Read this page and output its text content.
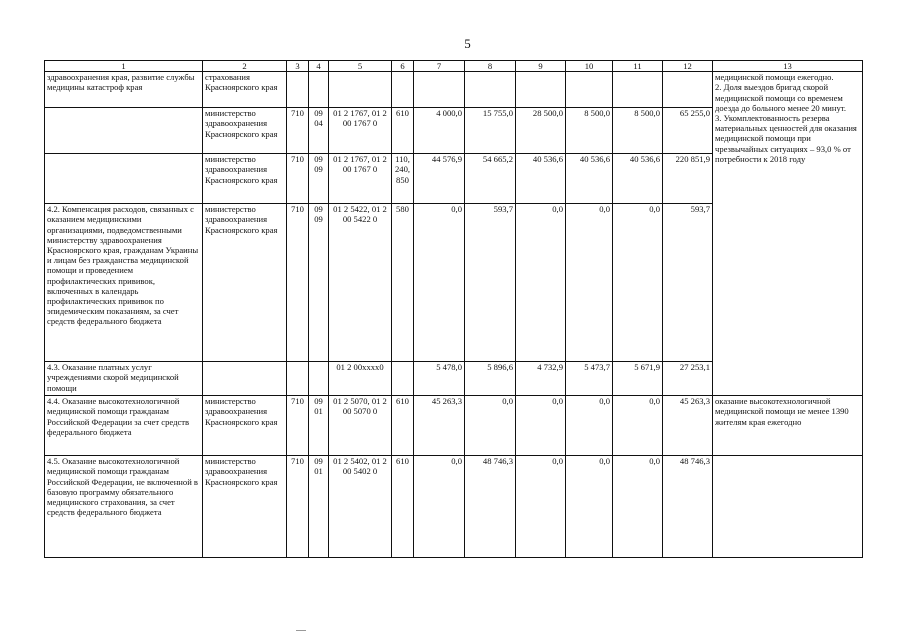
5
1	2	3	4	5	6	7	8	9	10	11	12	13
здравоохранения края, развитие службы медицины катастроф края	страхования Красноярского края											медицинской помощи ежегодно.
2. Доля выездов бригад скорой медицинской помощи со временем доезда до больного менее 20 минут.
3. Укомплектованность резерва материальных ценностей для оказания медицинской помощи при чрезвычайных ситуациях – 93,0 % от потребности к 2018 году
	министерство здравоохранения Красноярского края	710	09 04	01 2 1767, 01 2 00 1767 0	610	4 000,0	15 755,0	28 500,0	8 500,0	8 500,0	65 255,0	
	министерство здравоохранения Красноярского края	710	09 09	01 2 1767, 01 2 00 1767 0	110, 240, 850	44 576,9	54 665,2	40 536,6	40 536,6	40 536,6	220 851,9	
4.2. Компенсация расходов, связанных с оказанием медицинскими организациями, подведомственными министерству здравоохранения Красноярского края, гражданам Украины и лицам без гражданства медицинской помощи и проведением профилактических прививок, включенных в календарь профилактических прививок по эпидемическим показаниям, за счет средств федерального бюджета	министерство здравоохранения Красноярского края	710	09 09	01 2 5422, 01 2 00 5422 0	580	0,0	593,7	0,0	0,0	0,0	593,7	
4.3. Оказание платных услуг учреждениями скорой медицинской помощи				01 2 00xxxx0		5 478,0	5 896,6	4 732,9	5 473,7	5 671,9	27 253,1	
4.4. Оказание высокотехнологичной медицинской помощи гражданам Российской Федерации за счет средств федерального бюджета	министерство здравоохранения Красноярского края	710	09 01	01 2 5070, 01 2 00 5070 0	610	45 263,3	0,0	0,0	0,0	0,0	45 263,3	оказание высокотехнологичной медицинской помощи не менее 1390 жителям края ежегодно
4.5. Оказание высокотехнологичной медицинской помощи гражданам Российской Федерации, не включенной в базовую программу обязательного медицинского страхования, за счет средств федерального бюджета	министерство здравоохранения Красноярского края	710	09 01	01 2 5402, 01 2 00 5402 0	610	0,0	48 746,3	0,0	0,0	0,0	48 746,3	
